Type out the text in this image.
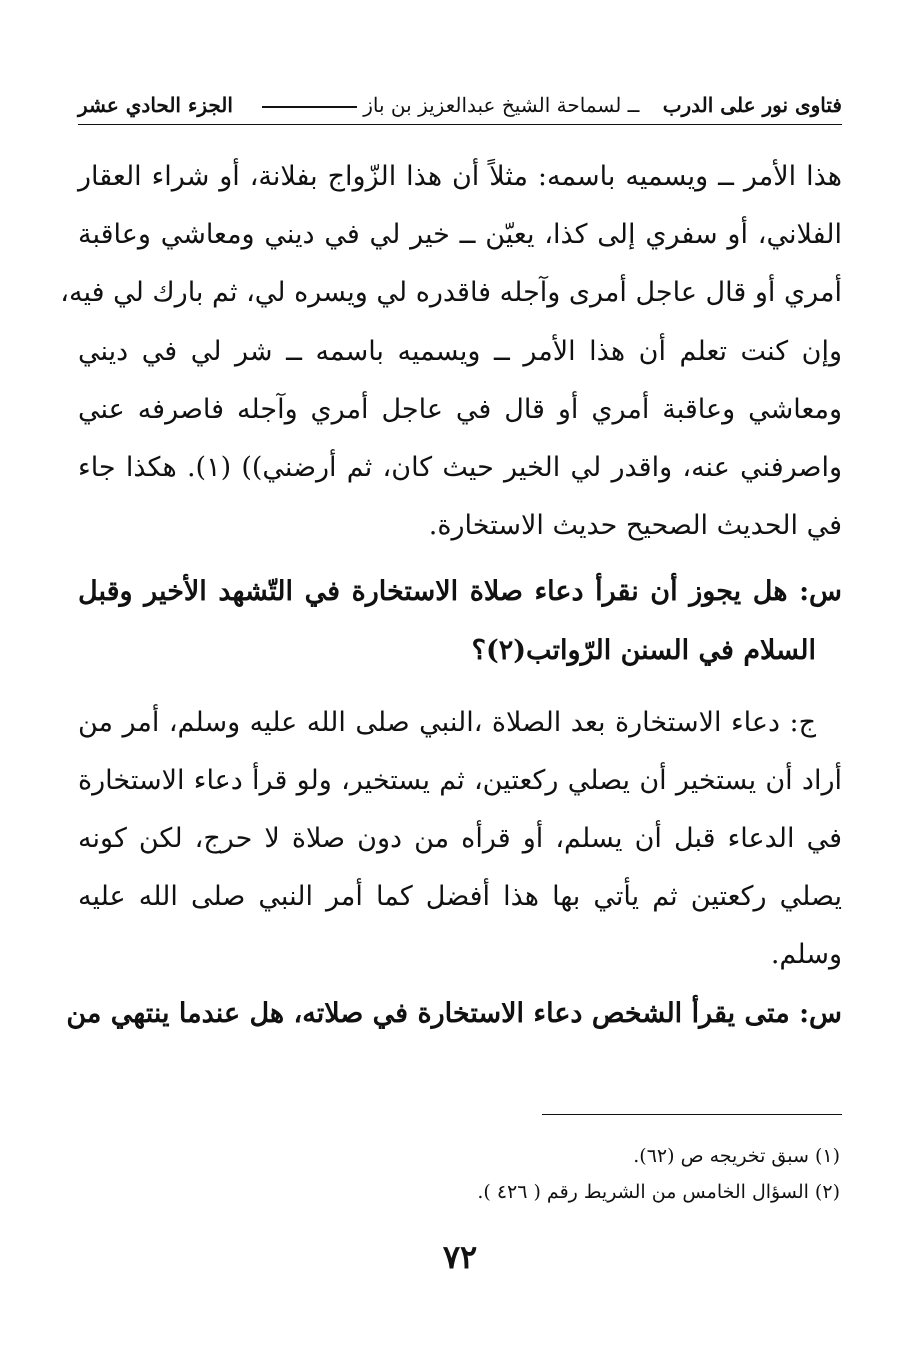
فتاوى نور على الدرب
ــ لسماحة الشيخ عبدالعزيز بن باز
الجزء الحادي عشر
هذا الأمر ــ ويسميه باسمه: مثلاً أن هذا الزّواج بفلانة، أو شراء العقار
الفلاني، أو سفري إلى كذا، يعيّن ــ خير لي في ديني ومعاشي وعاقبة
أمري أو قال عاجل أمرى وآجله فاقدره لي ويسره لي، ثم بارك لي فيه،
وإن كنت تعلم أن هذا الأمر ــ ويسميه باسمه ــ شر لي في ديني
ومعاشي وعاقبة أمري أو قال في عاجل أمري وآجله فاصرفه عني
واصرفني عنه، واقدر لي الخير حيث كان، ثم أرضني)) (١). هكذا جاء
في الحديث الصحيح حديث الاستخارة.
س: هل يجوز أن نقرأ دعاء صلاة الاستخارة في التّشهد الأخير وقبل
السلام في السنن الرّواتب(٢)؟
ج: دعاء الاستخارة بعد الصلاة ،النبي صلى الله عليه وسلم، أمر من
أراد أن يستخير أن يصلي ركعتين، ثم يستخير، ولو قرأ دعاء الاستخارة
في الدعاء قبل أن يسلم، أو قرأه من دون صلاة لا حرج، لكن كونه
يصلي ركعتين ثم يأتي بها هذا أفضل كما أمر النبي صلى الله عليه
وسلم.
س: متى يقرأ الشخص دعاء الاستخارة في صلاته، هل عندما ينتهي من
(١) سبق تخريجه ص (٦٢).
(٢) السؤال الخامس من الشريط رقم ( ٤٢٦ ).
٧٢
